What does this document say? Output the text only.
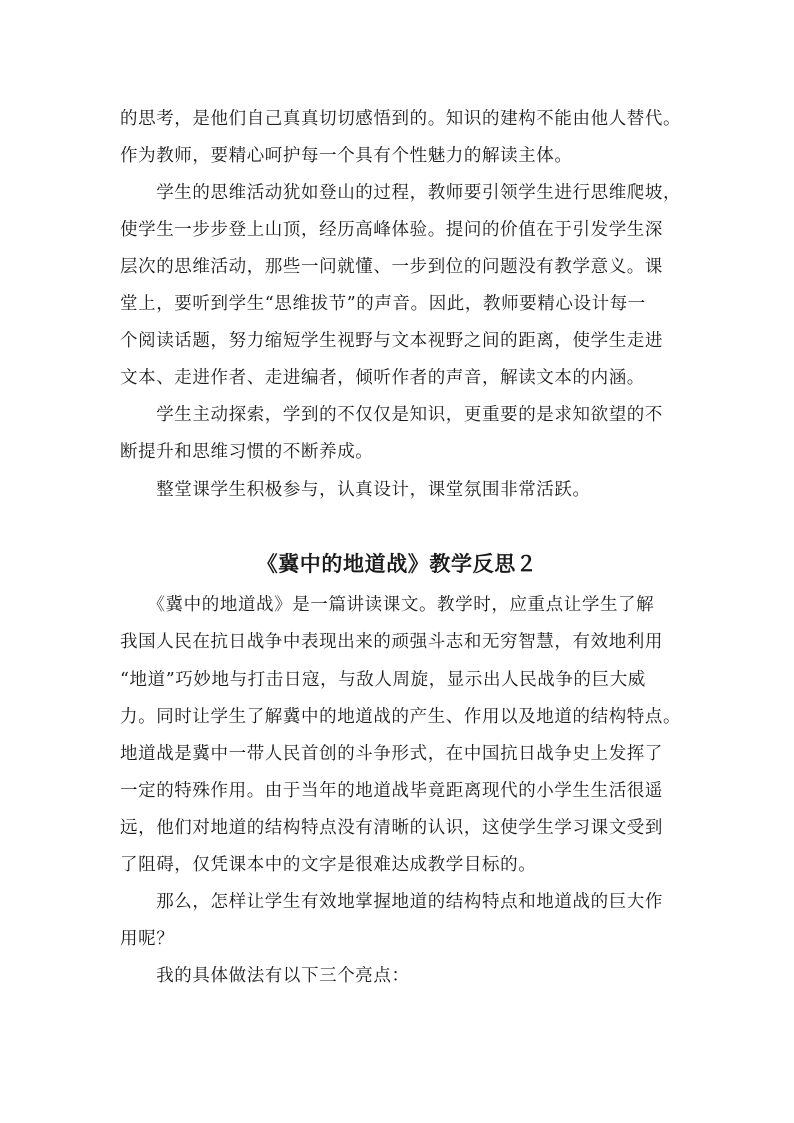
的思考，是他们自己真真切切感悟到的。知识的建构不能由他人替代。
作为教师，要精心呵护每一个具有个性魅力的解读主体。
　　学生的思维活动犹如登山的过程，教师要引领学生进行思维爬坡，
使学生一步步登上山顶，经历高峰体验。提问的价值在于引发学生深
层次的思维活动，那些一问就懂、一步到位的问题没有教学意义。课
堂上，要听到学生“思维拔节”的声音。因此，教师要精心设计每一
个阅读话题，努力缩短学生视野与文本视野之间的距离，使学生走进
文本、走进作者、走进编者，倾听作者的声音，解读文本的内涵。
　　学生主动探索，学到的不仅仅是知识，更重要的是求知欲望的不
断提升和思维习惯的不断养成。
　　整堂课学生积极参与，认真设计，课堂氛围非常活跃。
《冀中的地道战》教学反思２
　　《冀中的地道战》是一篇讲读课文。教学时，应重点让学生了解
我国人民在抗日战争中表现出来的顽强斗志和无穷智慧，有效地利用
“地道”巧妙地与打击日寇，与敌人周旋，显示出人民战争的巨大威
力。同时让学生了解冀中的地道战的产生、作用以及地道的结构特点。
地道战是冀中一带人民首创的斗争形式，在中国抗日战争史上发挥了
一定的特殊作用。由于当年的地道战毕竟距离现代的小学生生活很遥
远，他们对地道的结构特点没有清晰的认识，这使学生学习课文受到
了阻碍，仅凭课本中的文字是很难达成教学目标的。
　　那么，怎样让学生有效地掌握地道的结构特点和地道战的巨大作
用呢？
　　我的具体做法有以下三个亮点：
